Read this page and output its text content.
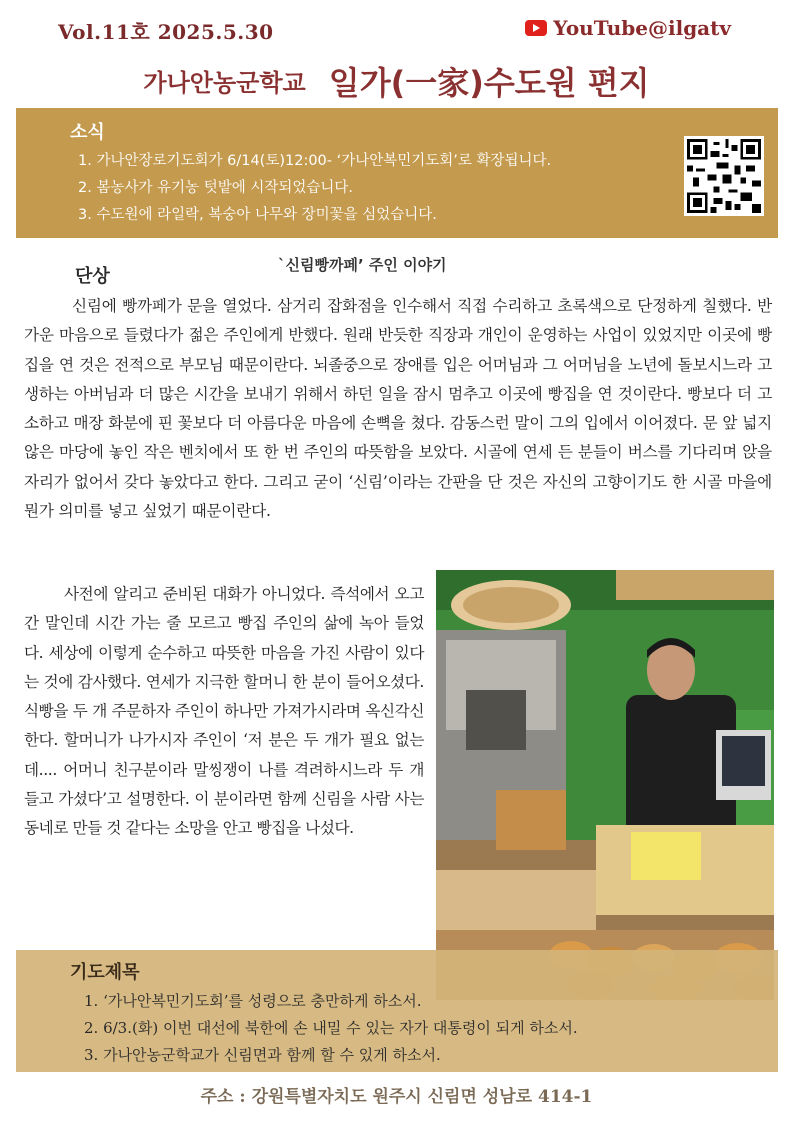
Vol.11호 2025.5.30	YouTube@ilgatv
가나안농군학교 일가(一家)수도원 편지
소식
1. 가나안장로기도회가 6/14(토)12:00- ‘가나안복민기도회’로 확장됩니다.
2. 봄농사가 유기농 텃밭에 시작되었습니다.
3. 수도원에 라일락, 복숭아 나무와 장미꽃을 심었습니다.
단상
`신림빵까페’ 주인 이야기

신림에 빵까페가 문을 열었다. 삼거리 잡화점을 인수해서 직접 수리하고 초록색으로 단정하게 칠했다. 반가운 마음으로 들렸다가 젊은 주인에게 반했다. 원래 반듯한 직장과 개인이 운영하는 사업이 있었지만 이곳에 빵집을 연 것은 전적으로 부모님 때문이란다. 뇌졸중으로 장애를 입은 어머님과 그 어머님을 노년에 돌보시느라 고생하는 아버님과 더 많은 시간을 보내기 위해서 하던 일을 잠시 멈추고 이곳에 빵집을 연 것이란다. 빵보다 더 고소하고 매장 화분에 핀 꽃보다 더 아름다운 마음에 손뼉을 쳤다. 감동스런 말이 그의 입에서 이어졌다. 문 앞 넓지 않은 마당에 놓인 작은 벤치에서 또 한 번 주인의 따뜻함을 보았다. 시골에 연세 든 분들이 버스를 기다리며 앉을 자리가 없어서 갖다 놓았다고 한다. 그리고 굳이 ‘신림’이라는 간판을 단 것은 자신의 고향이기도 한 시골 마을에 뭔가 의미를 넣고 싶었기 때문이란다.

사전에 알리고 준비된 대화가 아니었다. 즉석에서 오고 간 말인데 시간 가는 줄 모르고 빵집 주인의 삶에 녹아 들었다. 세상에 이렇게 순수하고 따뜻한 마음을 가진 사람이 있다는 것에 감사했다. 연세가 지극한 할머니 한 분이 들어오셨다. 식빵을 두 개 주문하자 주인이 하나만 가져가시라며 옥신각신한다. 할머니가 나가시자 주인이 ‘저 분은 두 개가 필요 없는데.... 어머니 친구분이라 말씽쟁이 나를 격려하시느라 두 개 들고 가셨다’고 설명한다. 이 분이라면 함께 신림을 사람 사는 동네로 만들 것 같다는 소망을 안고 빵집을 나섰다.

기도제목
1. ‘가나안복민기도회’를 성령으로 충만하게 하소서.
2. 6/3.(화) 이번 대선에 북한에 손 내밀 수 있는 자가 대통령이 되게 하소서.
3. 가나안농군학교가 신림면과 함께 할 수 있게 하소서.
주소 : 강원특별자치도 원주시 신림면 성남로 414-1
